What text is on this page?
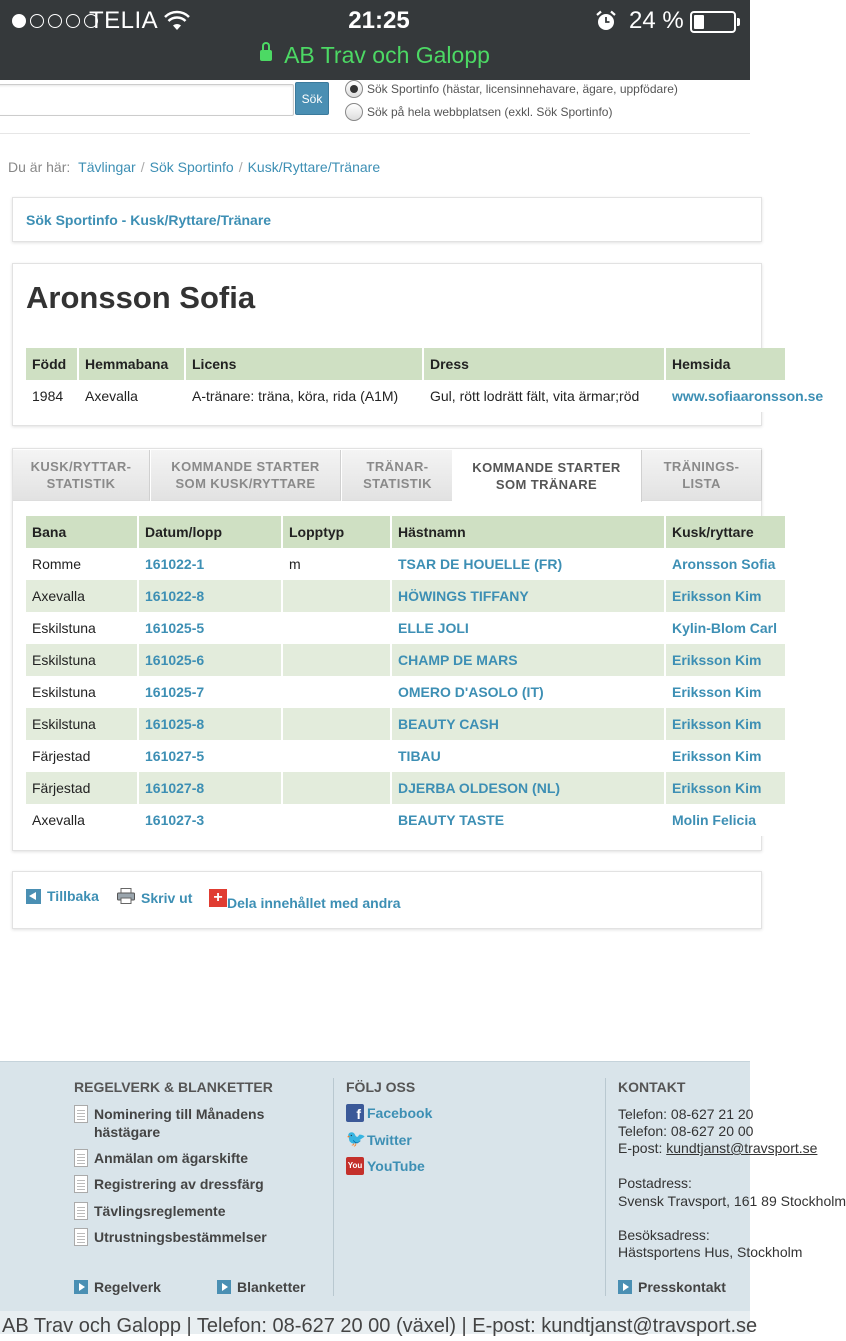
TELIA	21:25	24 %
AB Trav och Galopp
Sök
Sök Sportinfo (hästar, licensinnehavare, ägare, uppfödare)
Sök på hela webbplatsen (exkl. Sök Sportinfo)
Du är här: Tävlingar / Sök Sportinfo / Kusk/Ryttare/Tränare
Sök Sportinfo - Kusk/Ryttare/Tränare
Aronsson Sofia
Född	Hemmabana	Licens	Dress	Hemsida
1984	Axevalla	A-tränare: träna, köra, rida (A1M)	Gul, rött lodrätt fält, vita ärmar;röd	www.sofiaaronsson.se
KUSK/RYTTAR-
STATISTIK
KOMMANDE STARTER
SOM KUSK/RYTTARE
TRÄNAR-
STATISTIK
KOMMANDE STARTER
SOM TRÄNARE
TRÄNINGS-
LISTA
Bana	Datum/lopp	Lopptyp	Hästnamn	Kusk/ryttare
Romme	161022-1	m	TSAR DE HOUELLE (FR)	Aronsson Sofia
Axevalla	161022-8		HÖWINGS TIFFANY	Eriksson Kim
Eskilstuna	161025-5		ELLE JOLI	Kylin-Blom Carl
Eskilstuna	161025-6		CHAMP DE MARS	Eriksson Kim
Eskilstuna	161025-7		OMERO D'ASOLO (IT)	Eriksson Kim
Eskilstuna	161025-8		BEAUTY CASH	Eriksson Kim
Färjestad	161027-5		TIBAU	Eriksson Kim
Färjestad	161027-8		DJERBA OLDESON (NL)	Eriksson Kim
Axevalla	161027-3		BEAUTY TASTE	Molin Felicia
Tillbaka	Skriv ut + Dela innehållet med andra
REGELVERK & BLANKETTER
Nominering till Månadens hästägare
Anmälan om ägarskifte
Registrering av dressfärg
Tävlingsreglemente
Utrustningsbestämmelser
Regelverk	Blanketter
FÖLJ OSS
f Facebook
🐦 Twitter
You YouTube
KONTAKT
Telefon: 08-627 21 20
Telefon: 08-627 20 00
E-post: kundtjanst@travsport.se
Postadress:
Svensk Travsport, 161 89 Stockholm
Besöksadress:
Hästsportens Hus, Stockholm
Presskontakt
AB Trav och Galopp | Telefon: 08-627 20 00 (växel) | E-post: kundtjanst@travsport.se
